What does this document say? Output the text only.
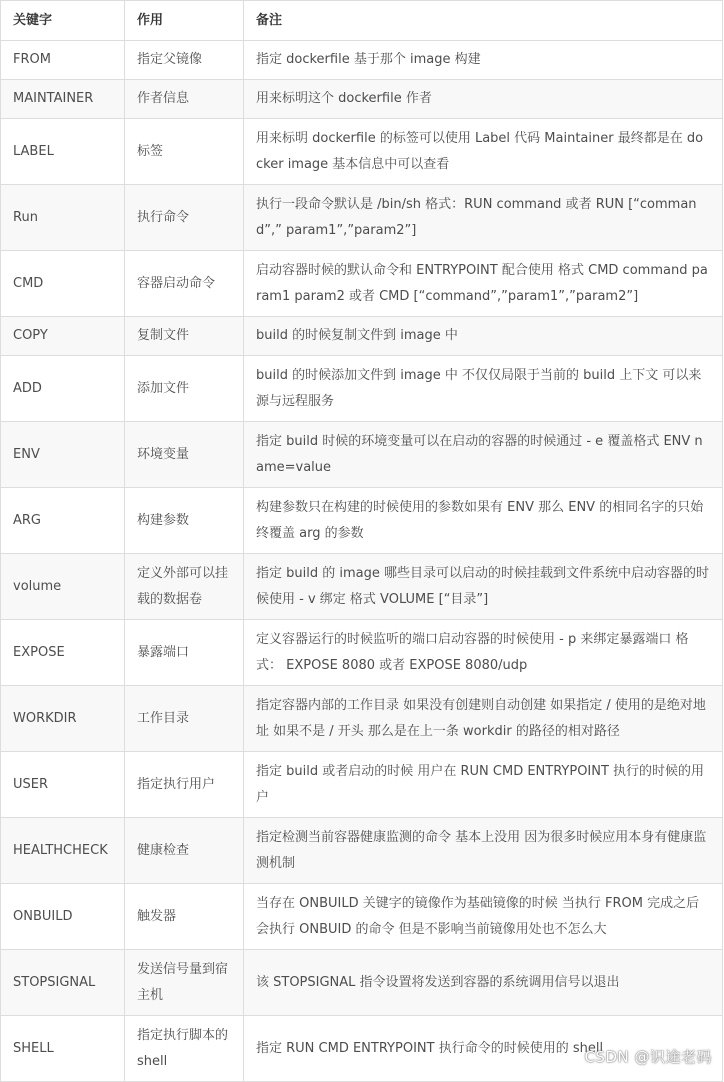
关键字	作用	备注
FROM	指定父镜像	指定 dockerfile 基于那个 image 构建
MAINTAINER	作者信息	用来标明这个 dockerfile 作者
LABEL	标签	用来标明 dockerfile 的标签可以使用 Label 代码 Maintainer 最终都是在 docker image 基本信息中可以查看
Run	执行命令	执行一段命令默认是 /bin/sh 格式：RUN command 或者 RUN [“command”,” param1”,”param2”]
CMD	容器启动命令	启动容器时候的默认命令和 ENTRYPOINT 配合使用 格式 CMD command param1 param2 或者 CMD [“command”,”param1”,”param2”]
COPY	复制文件	build 的时候复制文件到 image 中
ADD	添加文件	build 的时候添加文件到 image 中 不仅仅局限于当前的 build 上下文 可以来源与远程服务
ENV	环境变量	指定 build 时候的环境变量可以在启动的容器的时候通过 - e 覆盖格式 ENV name=value
ARG	构建参数	构建参数只在构建的时候使用的参数如果有 ENV 那么 ENV 的相同名字的只始终覆盖 arg 的参数
volume	定义外部可以挂载的数据卷	指定 build 的 image 哪些目录可以启动的时候挂载到文件系统中启动容器的时候使用 - v 绑定 格式 VOLUME [“目录”]
EXPOSE	暴露端口	定义容器运行的时候监听的端口启动容器的时候使用 - p 来绑定暴露端口 格式： EXPOSE 8080 或者 EXPOSE 8080/udp
WORKDIR	工作目录	指定容器内部的工作目录 如果没有创建则自动创建 如果指定 / 使用的是绝对地址 如果不是 / 开头 那么是在上一条 workdir 的路径的相对路径
USER	指定执行用户	指定 build 或者启动的时候 用户在 RUN CMD ENTRYPOINT 执行的时候的用户
HEALTHCHECK	健康检查	指定检测当前容器健康监测的命令 基本上没用 因为很多时候应用本身有健康监测机制
ONBUILD	触发器	当存在 ONBUILD 关键字的镜像作为基础镜像的时候 当执行 FROM 完成之后会执行 ONBUID 的命令 但是不影响当前镜像用处也不怎么大
STOPSIGNAL	发送信号量到宿主机	该 STOPSIGNAL 指令设置将发送到容器的系统调用信号以退出
SHELL	指定执行脚本的 shell	指定 RUN CMD ENTRYPOINT 执行命令的时候使用的 shell
CSDN @识途老码
